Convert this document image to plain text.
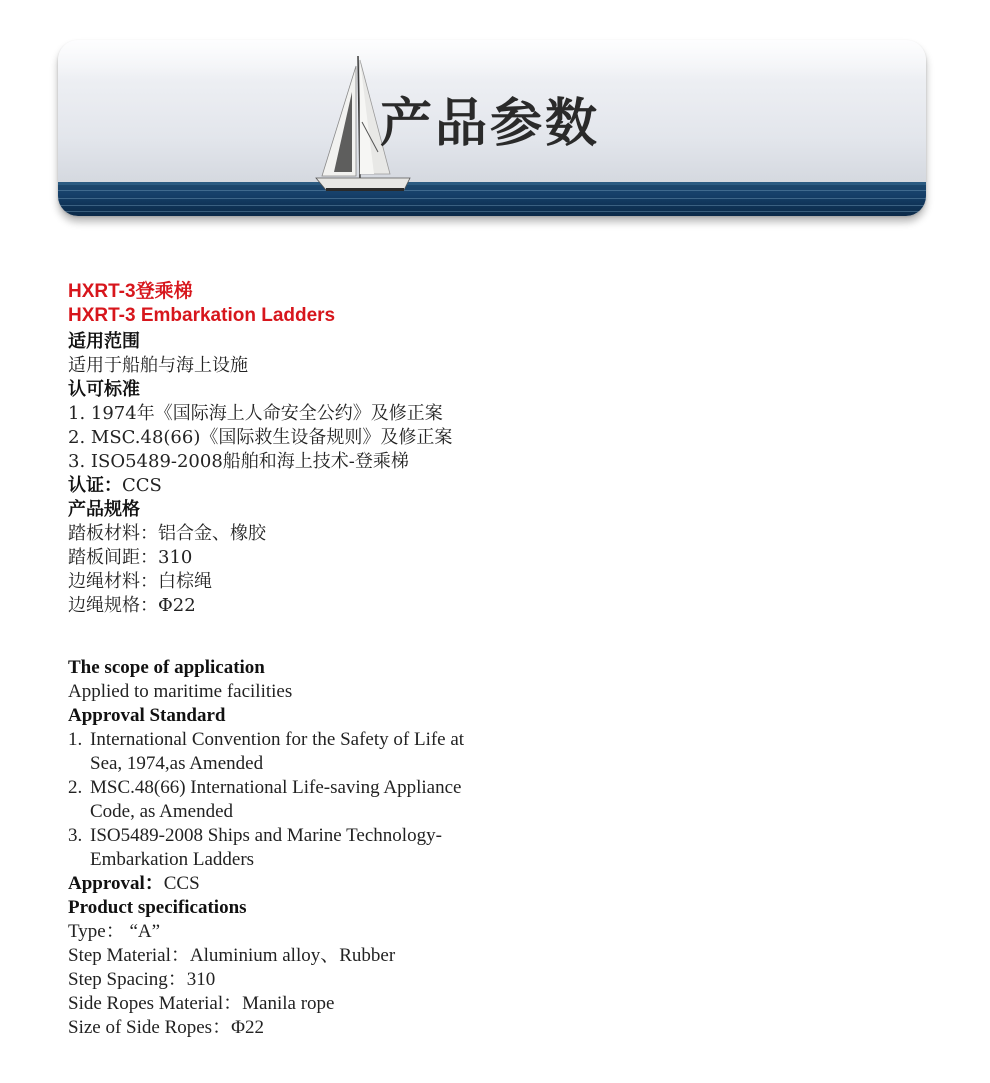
产品参数
HXRT-3登乘梯
HXRT-3 Embarkation Ladders
适用范围
适用于船舶与海上设施
认可标准
1. 1974年《国际海上人命安全公约》及修正案
2. MSC.48(66)《国际救生设备规则》及修正案
3. ISO5489-2008船舶和海上技术-登乘梯
认证：CCS
产品规格
踏板材料：铝合金、橡胶
踏板间距：310
边绳材料：白棕绳
边绳规格：Φ22
The scope of application
Applied to maritime facilities
Approval Standard
1. International Convention for the Safety of Life at
Sea, 1974,as Amended
2. MSC.48(66) International Life-saving Appliance
Code, as Amended
3. ISO5489-2008 Ships and Marine Technology-
Embarkation Ladders
Approval：CCS
Product specifications
Type： “A”
Step Material：Aluminium alloy、Rubber
Step Spacing：310
Side Ropes Material：Manila rope
Size of Side Ropes：Φ22
